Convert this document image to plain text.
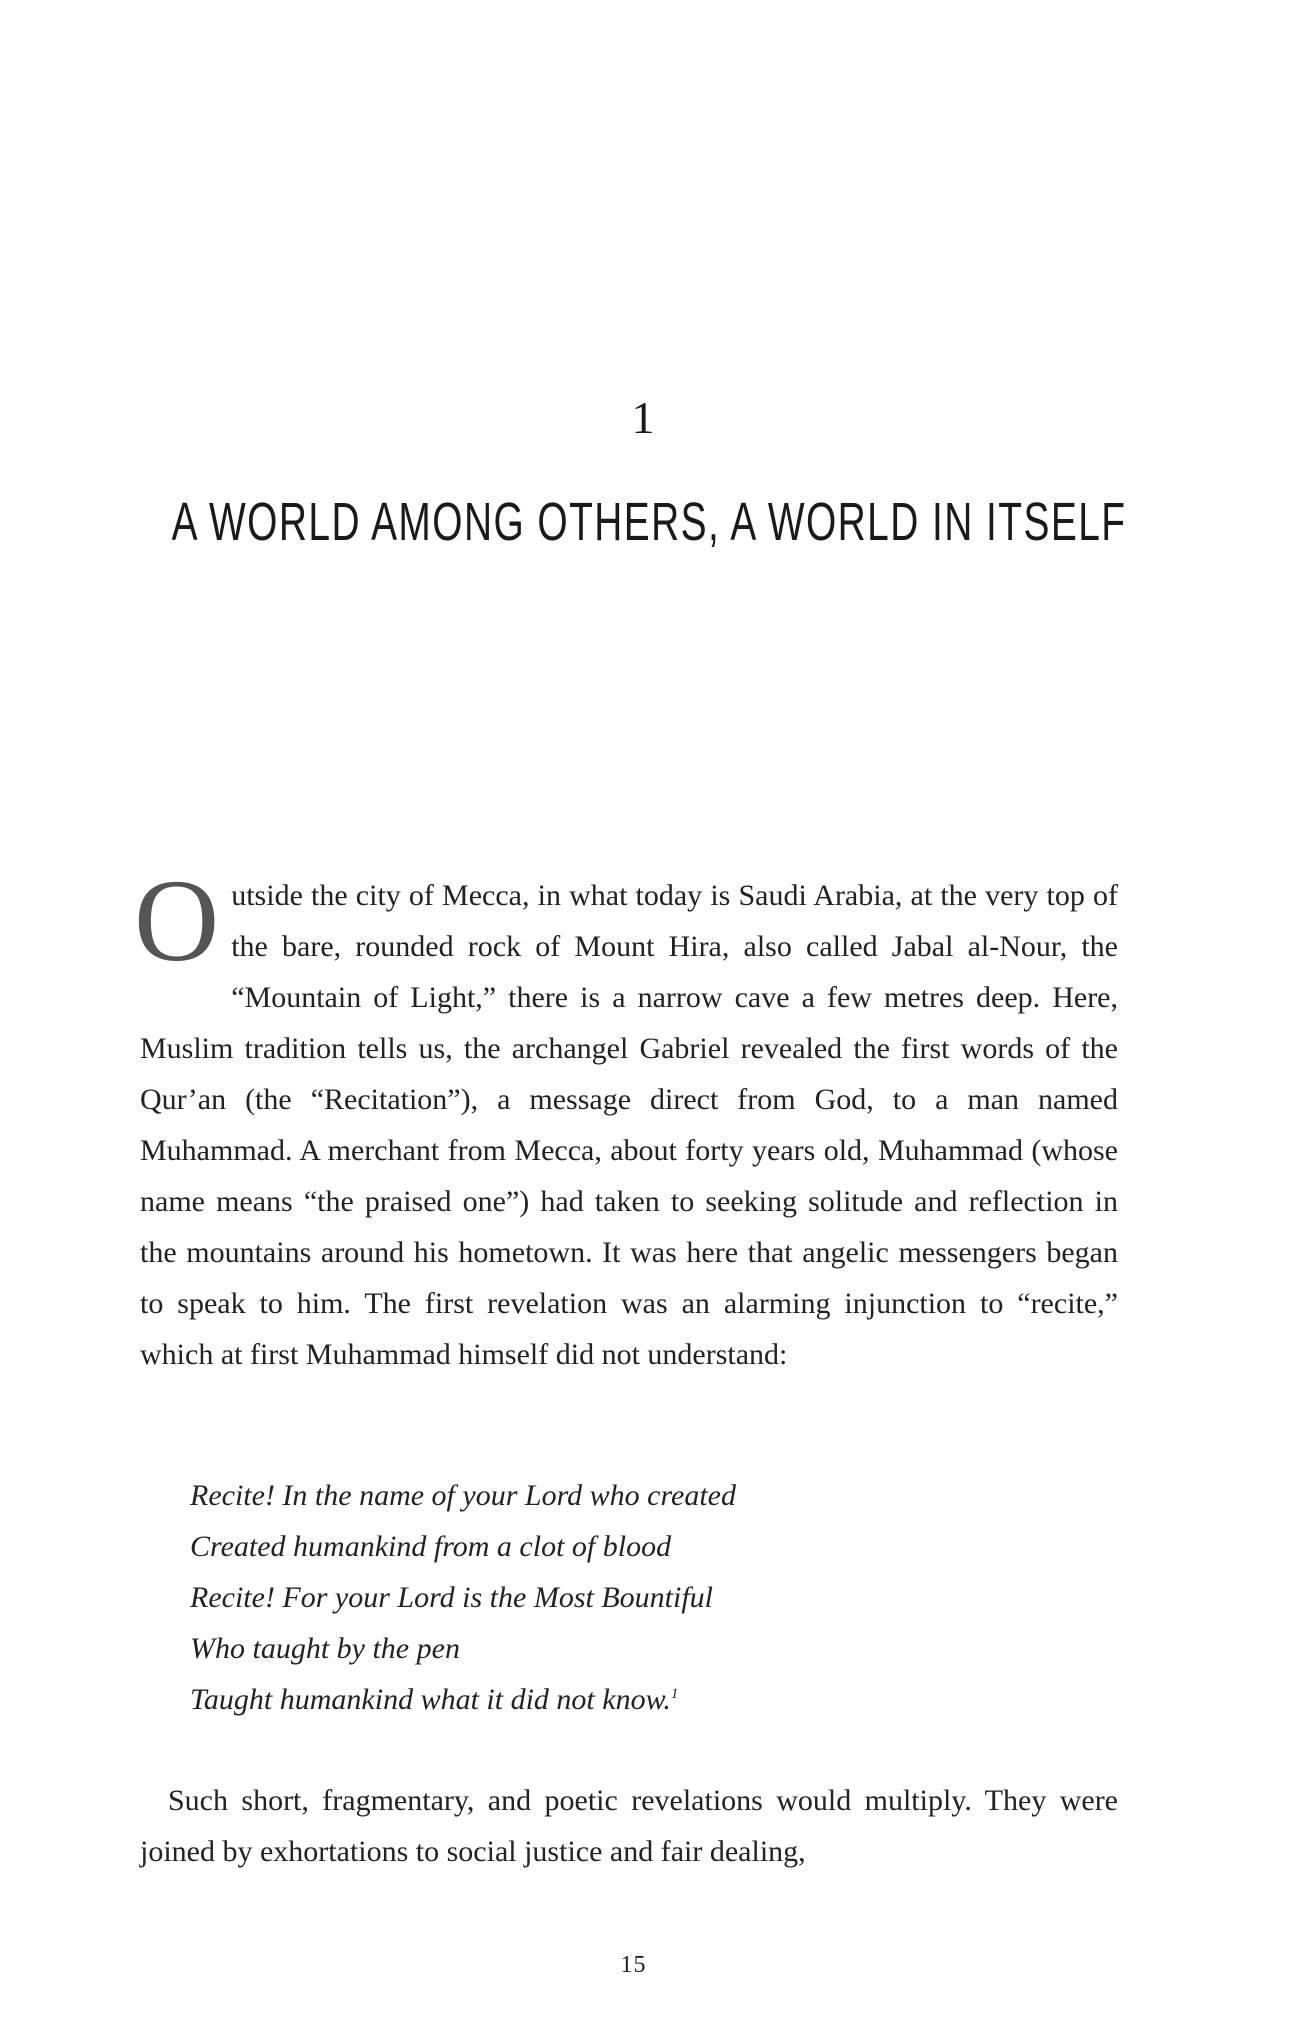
1
A WORLD AMONG OTHERS, A WORLD IN ITSELF
Outside the city of Mecca, in what today is Saudi Arabia, at the very top of the bare, rounded rock of Mount Hira, also called Jabal al-Nour, the “Mountain of Light,” there is a narrow cave a few metres deep. Here, Muslim tradition tells us, the archangel Gabriel revealed the first words of the Qur’an (the “Recitation”), a message direct from God, to a man named Muhammad. A merchant from Mecca, about forty years old, Muhammad (whose name means “the praised one”) had taken to seeking solitude and reflection in the mountains around his hometown. It was here that angelic messengers began to speak to him. The first revelation was an alarming injunction to “recite,” which at first Muhammad himself did not understand:
Recite! In the name of your Lord who created
Created humankind from a clot of blood
Recite! For your Lord is the Most Bountiful
Who taught by the pen
Taught humankind what it did not know.$^1$
Such short, fragmentary, and poetic revelations would multiply. They were joined by exhortations to social justice and fair dealing,
15
